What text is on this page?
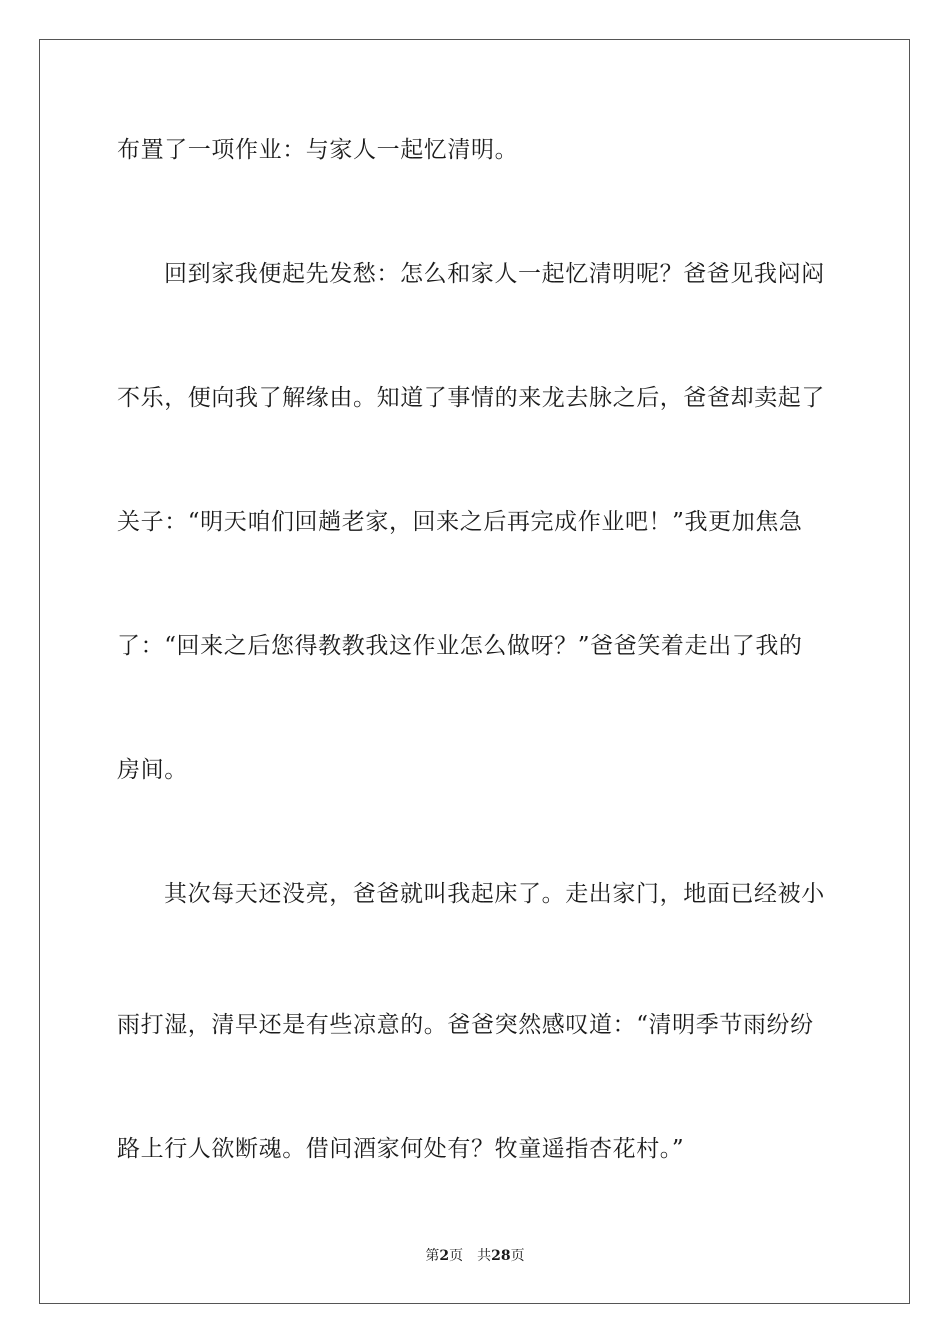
布置了一项作业：与家人一起忆清明。
回到家我便起先发愁：怎么和家人一起忆清明呢？爸爸见我闷闷
不乐，便向我了解缘由。知道了事情的来龙去脉之后，爸爸却卖起了
关子：“明天咱们回趟老家，回来之后再完成作业吧！”我更加焦急
了：“回来之后您得教教我这作业怎么做呀？”爸爸笑着走出了我的
房间。
其次每天还没亮，爸爸就叫我起床了。走出家门，地面已经被小
雨打湿，清早还是有些凉意的。爸爸突然感叹道：“清明季节雨纷纷
路上行人欲断魂。借问酒家何处有？牧童遥指杏花村。”
第2页 共28页
